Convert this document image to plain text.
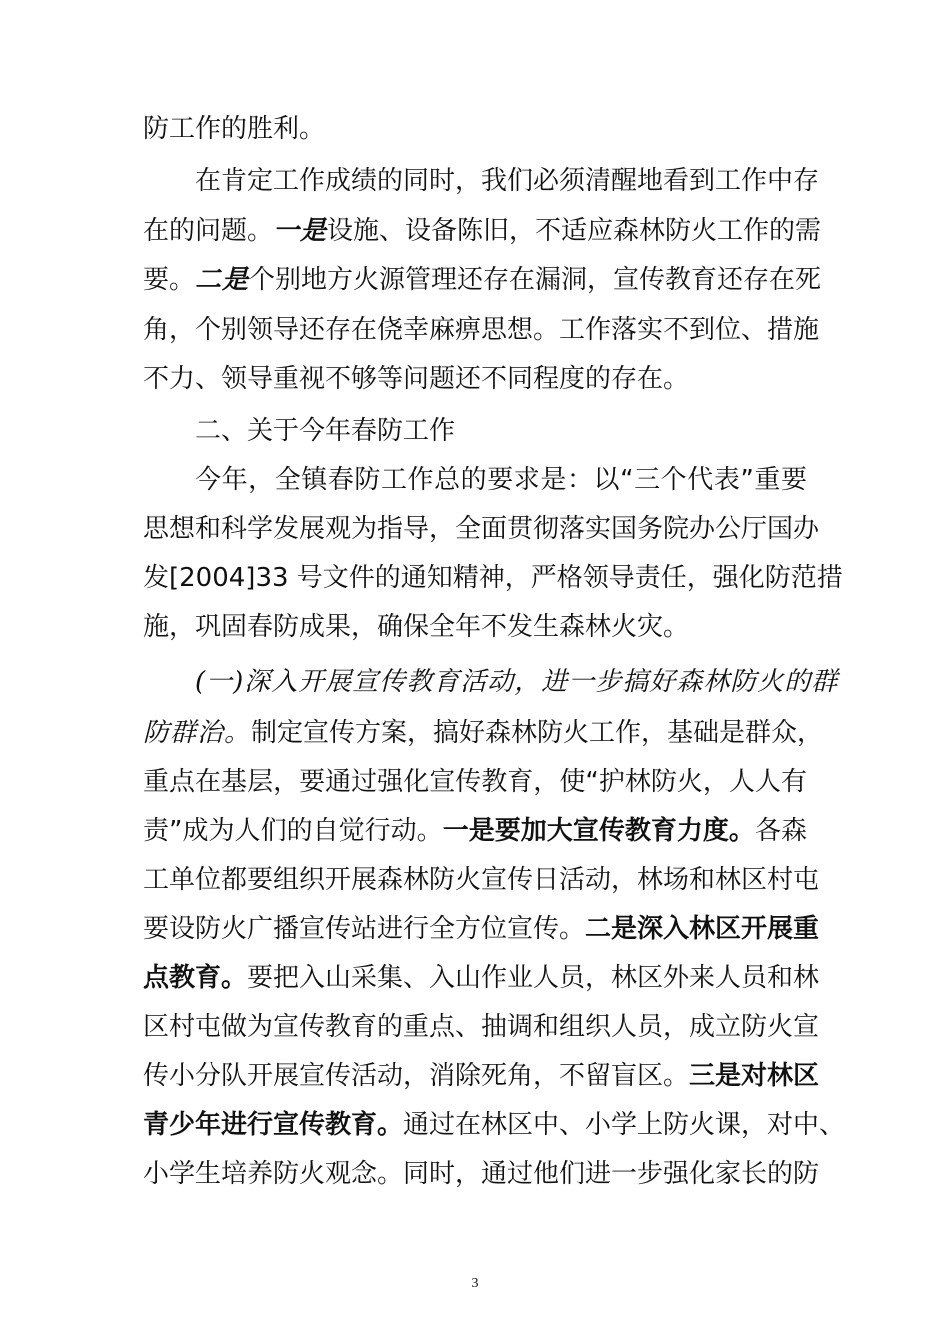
防工作的胜利。
在肯定工作成绩的同时，我们必须清醒地看到工作中存
在的问题。一是设施、设备陈旧，不适应森林防火工作的需
要。二是个别地方火源管理还存在漏洞，宣传教育还存在死
角，个别领导还存在侥幸麻痹思想。工作落实不到位、措施
不力、领导重视不够等问题还不同程度的存在。
二、关于今年春防工作
今年，全镇春防工作总的要求是：以“三个代表”重要
思想和科学发展观为指导，全面贯彻落实国务院办公厅国办
发[2004]33 号文件的通知精神，严格领导责任，强化防范措
施，巩固春防成果，确保全年不发生森林火灾。
(一)深入开展宣传教育活动，进一步搞好森林防火的群
防群治。制定宣传方案，搞好森林防火工作，基础是群众，
重点在基层，要通过强化宣传教育，使“护林防火，人人有
责”成为人们的自觉行动。一是要加大宣传教育力度。各森
工单位都要组织开展森林防火宣传日活动，林场和林区村屯
要设防火广播宣传站进行全方位宣传。二是深入林区开展重
点教育。要把入山采集、入山作业人员，林区外来人员和林
区村屯做为宣传教育的重点、抽调和组织人员，成立防火宣
传小分队开展宣传活动，消除死角，不留盲区。三是对林区
青少年进行宣传教育。通过在林区中、小学上防火课，对中、
小学生培养防火观念。同时，通过他们进一步强化家长的防
3
